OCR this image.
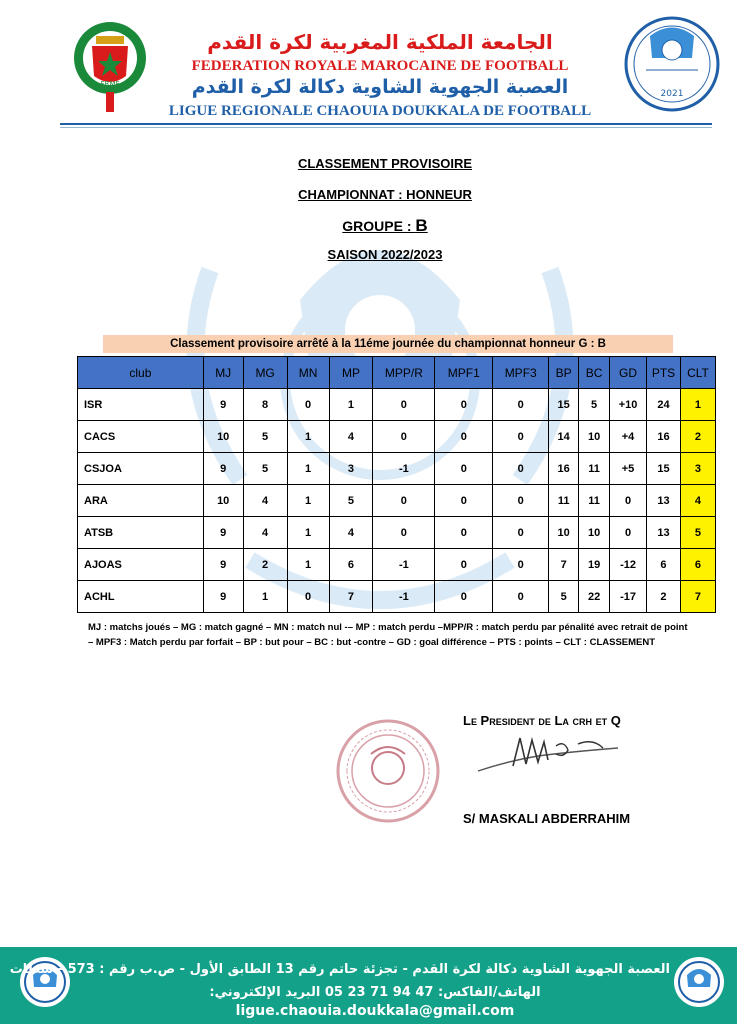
FRMF
الجامعة الملكية المغربية لكرة القدم
FEDERATION ROYALE MAROCAINE DE FOOTBALL
العصبة الجهوية الشاوية دكالة لكرة القدم
LIGUE REGIONALE CHAOUIA DOUKKALA DE FOOTBALL
2021
CLASSEMENT PROVISOIRE
CHAMPIONNAT : HONNEUR
GROUPE : B
SAISON 2022/2023
Classement provisoire arrêté à la 11éme journée du championnat honneur G : B
club	MJ	MG	MN	MP	MPP/R	MPF1	MPF3	BP	BC	GD	PTS	CLT
ISR	9	8	0	1	0	0	0	15	5	+10	24	1
CACS	10	5	1	4	0	0	0	14	10	+4	16	2
CSJOA	9	5	1	3	-1	0	0	16	11	+5	15	3
ARA	10	4	1	5	0	0	0	11	11	0	13	4
ATSB	9	4	1	4	0	0	0	10	10	0	13	5
AJOAS	9	2	1	6	-1	0	0	7	19	-12	6	6
ACHL	9	1	0	7	-1	0	0	5	22	-17	2	7
MJ : matchs joués – MG : match gagné – MN : match nul -– MP : match perdu –MPP/R : match perdu par pénalité avec retrait de point
– MPF3 : Match perdu par forfait – BP : but pour – BC : but -contre – GD : goal différence – PTS : points – CLT : CLASSEMENT
Le President de La crh et Q
S/ MASKALI ABDERRAHIM
العصبة الجهوية الشاوية دكالة لكرة القدم - تجزئة حاتم رقم 13 الطابق الأول - ص.ب رقم : 573 - سطات
الهاتف/الفاكس: 47 94 71 23 05 البريد الإلكتروني:
ligue.chaouia.doukkala@gmail.com
